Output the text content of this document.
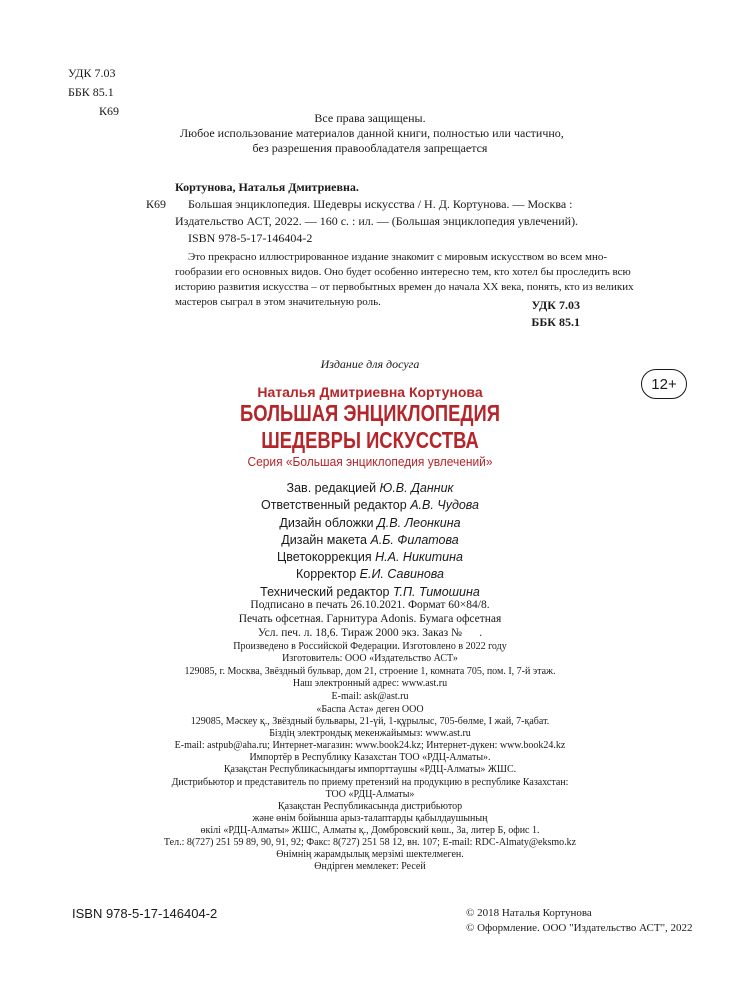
УДК 7.03
ББК 85.1
К69	Все права защищены.
Любое использование материалов данной книги, полностью или частично,
без разрешения правообладателя запрещается
Кортунова, Наталья Дмитриевна.
К69 Большая энциклопедия. Шедевры искусства / Н. Д. Кортунова. — Москва :
Издательство АСТ, 2022. — 160 с. : ил. — (Большая энциклопедия увлечений).
ISBN 978-5-17-146404-2
Это прекрасно иллюстрированное издание знакомит с мировым искусством во всем мно-
гообразии его основных видов. Оно будет особенно интересно тем, кто хотел бы проследить всю
историю развития искусства – от первобытных времен до начала XX века, понять, кто из великих
мастеров сыграл в этом значительную роль.	УДК 7.03
ББК 85.1
Издание для досуга
12+
Наталья Дмитриевна Кортунова
БОЛЬШАЯ ЭНЦИКЛОПЕДИЯ
ШЕДЕВРЫ ИСКУССТВА
Серия «Большая энциклопедия увлечений»
Зав. редакцией Ю.В. Данник
Ответственный редактор А.В. Чудова
Дизайн обложки Д.В. Леонкина
Дизайн макета А.Б. Филатова
Цветокоррекция Н.А. Никитина
Корректор Е.И. Савинова
Технический редактор Т.П. Тимошина
Подписано в печать 26.10.2021. Формат 60×84/8.
Печать офсетная. Гарнитура Adonis. Бумага офсетная
Усл. печ. л. 18,6. Тираж 2000 экз. Заказ №      .
Произведено в Российской Федерации. Изготовлено в 2022 году
Изготовитель: ООО «Издательство АСТ»
129085, г. Москва, Звёздный бульвар, дом 21, строение 1, комната 705, пом. I, 7-й этаж.
Наш электронный адрес: www.ast.ru
E-mail: ask@ast.ru
«Баспа Аста» деген ООО
129085, Мәскеу қ., Звёздный бульвары, 21-үй, 1-құрылыс, 705-бөлме, I жай, 7-қабат.
Біздің электрондық мекенжайымыз: www.ast.ru
E-mail: astpub@aha.ru; Интернет-магазин: www.book24.kz; Интернет-дүкен: www.book24.kz
Импортёр в Республику Казахстан ТОО «РДЦ-Алматы».
Қазақстан Республикасындағы импорттаушы «РДЦ-Алматы» ЖШС.
Дистрибьютор и представитель по приему претензий на продукцию в республике Казахстан:
ТОО «РДЦ-Алматы»
Қазақстан Республикасында дистрибьютор
және өнім бойынша арыз-талаптарды қабылдаушының
өкілі «РДЦ-Алматы» ЖШС, Алматы қ., Домбровский көш., 3а, литер Б, офис 1.
Тел.: 8(727) 251 59 89, 90, 91, 92; Факс: 8(727) 251 58 12, вн. 107; E-mail: RDC-Almaty@eksmo.kz
Өнімнің жарамдылық мерзімі шектелмеген.
Өндірген мемлекет: Ресей
ISBN 978-5-17-146404-2	© 2018 Наталья Кортунова
© Оформление. ООО "Издательство АСТ", 2022
